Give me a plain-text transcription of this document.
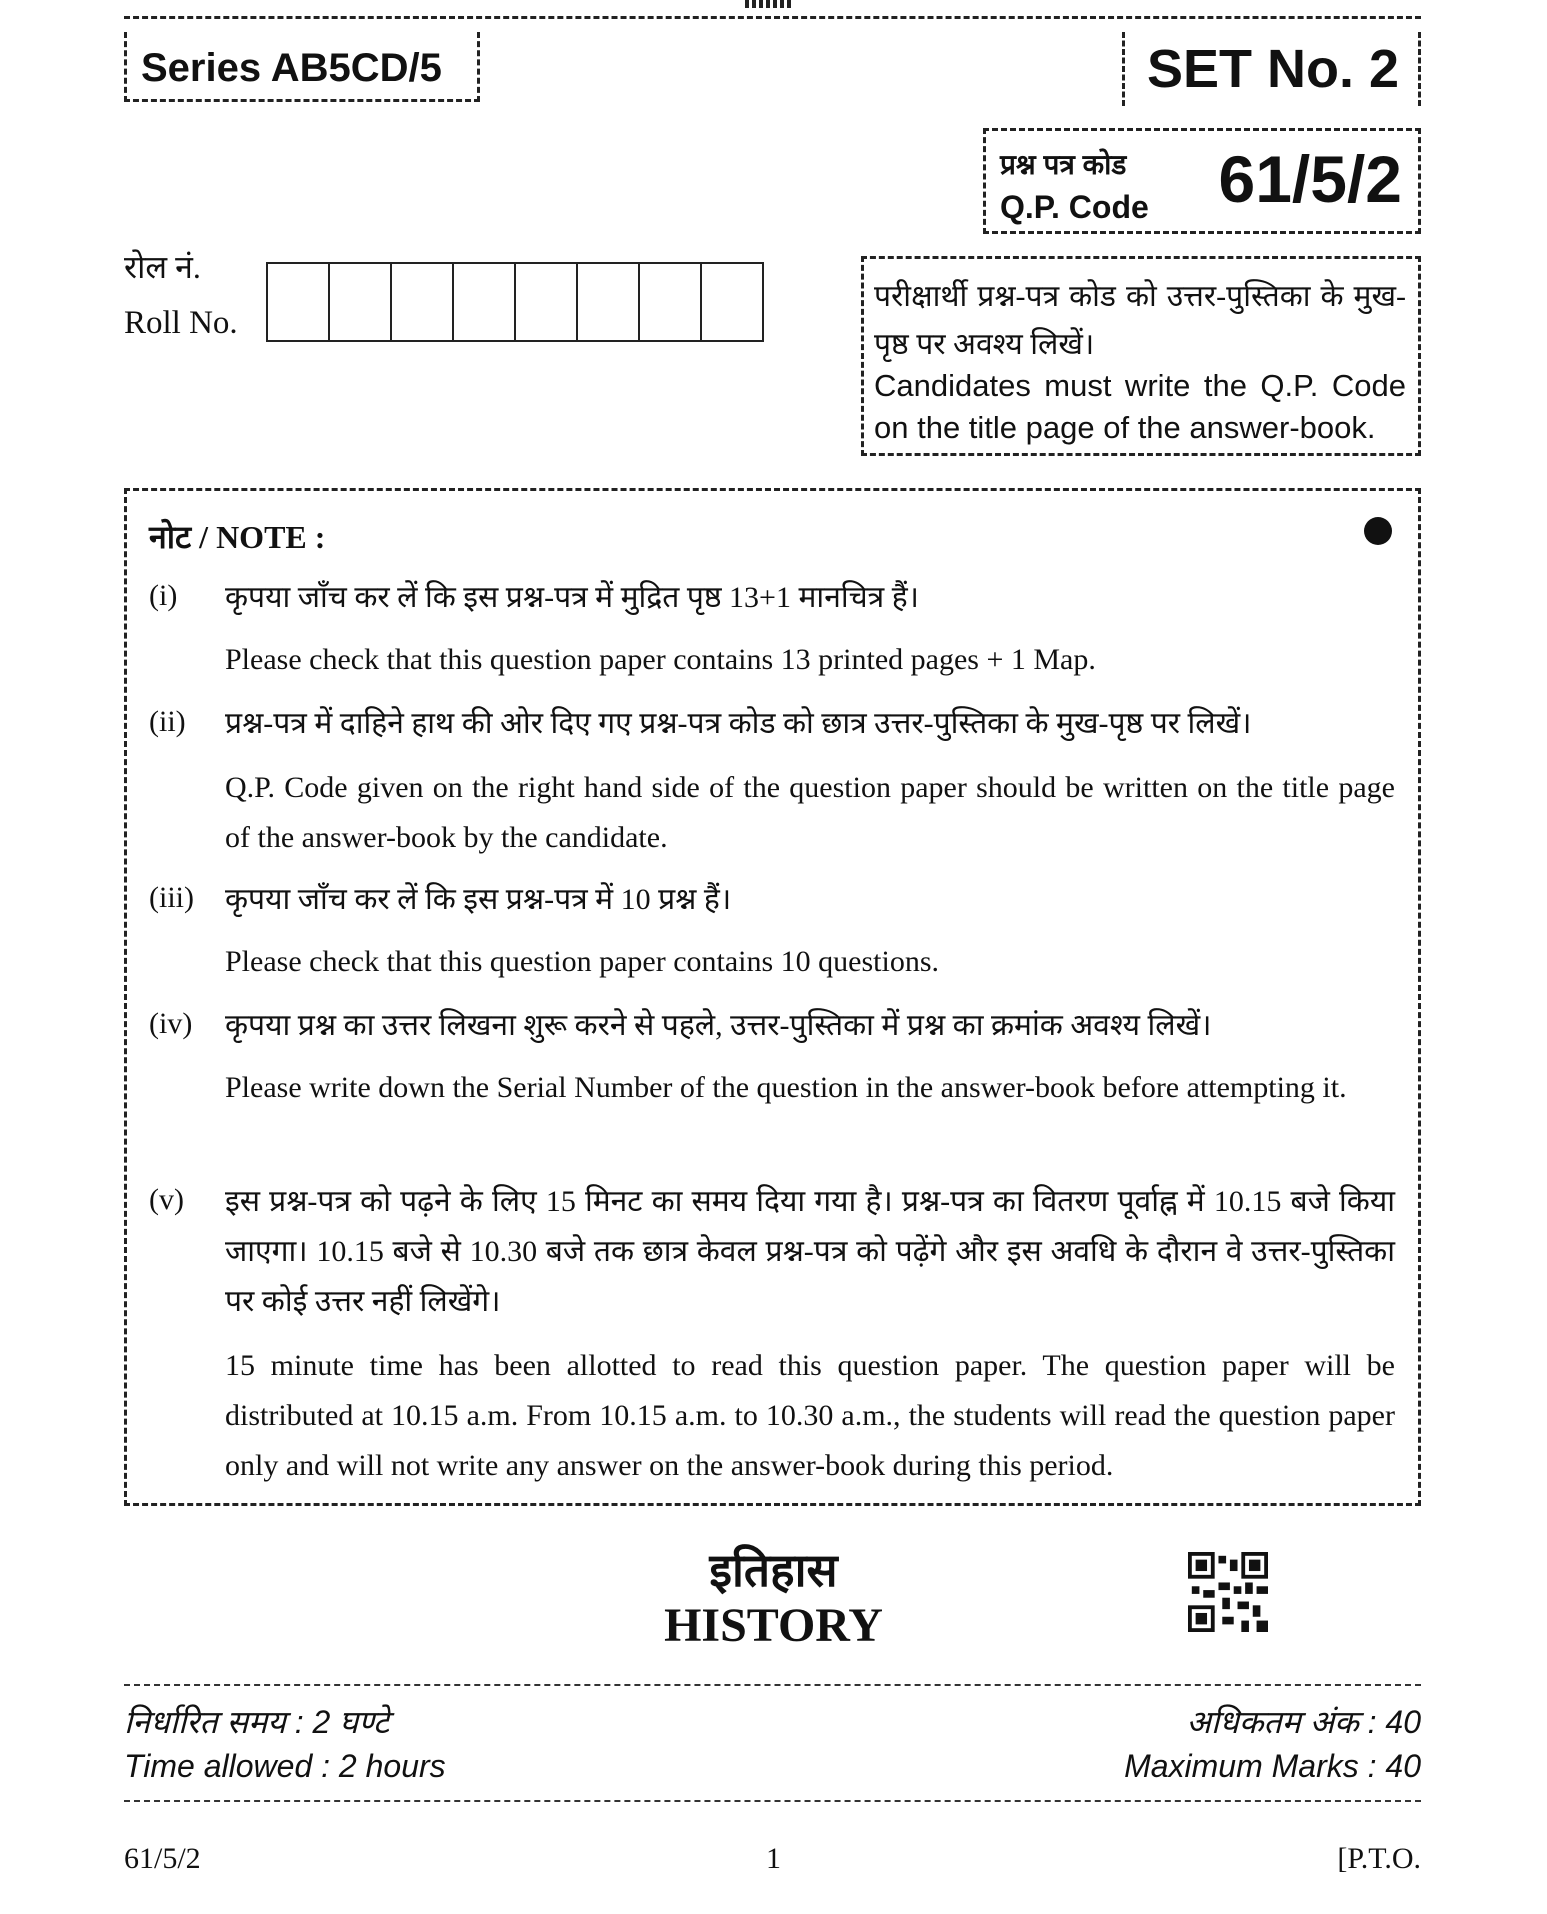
Series AB5CD/5	SET No. 2
प्रश्न पत्र कोड
Q.P. Code 61/5/2
रोल नं.
Roll No.
परीक्षार्थी प्रश्न-पत्र कोड को उत्तर-पुस्तिका के मुख-पृष्ठ पर अवश्य लिखें।
Candidates must write the Q.P. Code on the title page of the answer-book.
नोट / NOTE :
(i) कृपया जाँच कर लें कि इस प्रश्न-पत्र में मुद्रित पृष्ठ 13+1 मानचित्र हैं।
Please check that this question paper contains 13 printed pages + 1 Map.
(ii) प्रश्न-पत्र में दाहिने हाथ की ओर दिए गए प्रश्न-पत्र कोड को छात्र उत्तर-पुस्तिका के मुख-पृष्ठ पर लिखें।
Q.P. Code given on the right hand side of the question paper should be written on the title page of the answer-book by the candidate.
(iii) कृपया जाँच कर लें कि इस प्रश्न-पत्र में 10 प्रश्न हैं।
Please check that this question paper contains 10 questions.
(iv) कृपया प्रश्न का उत्तर लिखना शुरू करने से पहले, उत्तर-पुस्तिका में प्रश्न का क्रमांक अवश्य लिखें।
Please write down the Serial Number of the question in the answer-book before attempting it.
(v) इस प्रश्न-पत्र को पढ़ने के लिए 15 मिनट का समय दिया गया है। प्रश्न-पत्र का वितरण पूर्वाह्न में 10.15 बजे किया जाएगा। 10.15 बजे से 10.30 बजे तक छात्र केवल प्रश्न-पत्र को पढ़ेंगे और इस अवधि के दौरान वे उत्तर-पुस्तिका पर कोई उत्तर नहीं लिखेंगे।
15 minute time has been allotted to read this question paper. The question paper will be distributed at 10.15 a.m. From 10.15 a.m. to 10.30 a.m., the students will read the question paper only and will not write any answer on the answer-book during this period.
इतिहास
HISTORY
निर्धारित समय : 2 घण्टे
Time allowed : 2 hours
अधिकतम अंक : 40
Maximum Marks : 40
61/5/2	1	[P.T.O.
